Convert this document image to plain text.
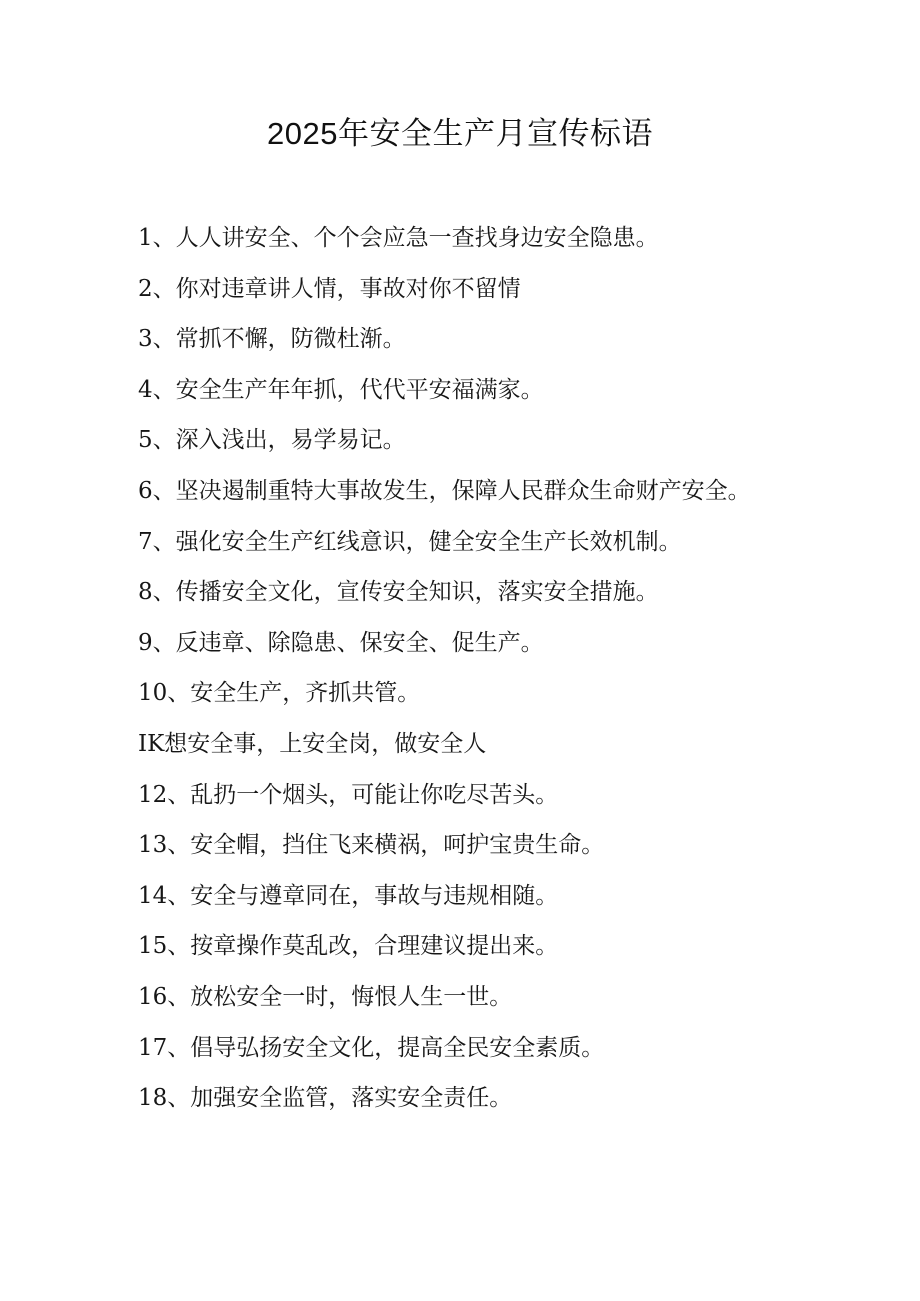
2025年安全生产月宣传标语
1、人人讲安全、个个会应急一查找身边安全隐患。
2、你对违章讲人情，事故对你不留情
3、常抓不懈，防微杜渐。
4、安全生产年年抓，代代平安福满家。
5、深入浅出，易学易记。
6、坚决遏制重特大事故发生，保障人民群众生命财产安全。
7、强化安全生产红线意识，健全安全生产长效机制。
8、传播安全文化，宣传安全知识，落实安全措施。
9、反违章、除隐患、保安全、促生产。
10、安全生产，齐抓共管。
IK想安全事，上安全岗，做安全人
12、乱扔一个烟头，可能让你吃尽苦头。
13、安全帽，挡住飞来横祸，呵护宝贵生命。
14、安全与遵章同在，事故与违规相随。
15、按章操作莫乱改，合理建议提出来。
16、放松安全一时，悔恨人生一世。
17、倡导弘扬安全文化，提高全民安全素质。
18、加强安全监管，落实安全责任。
